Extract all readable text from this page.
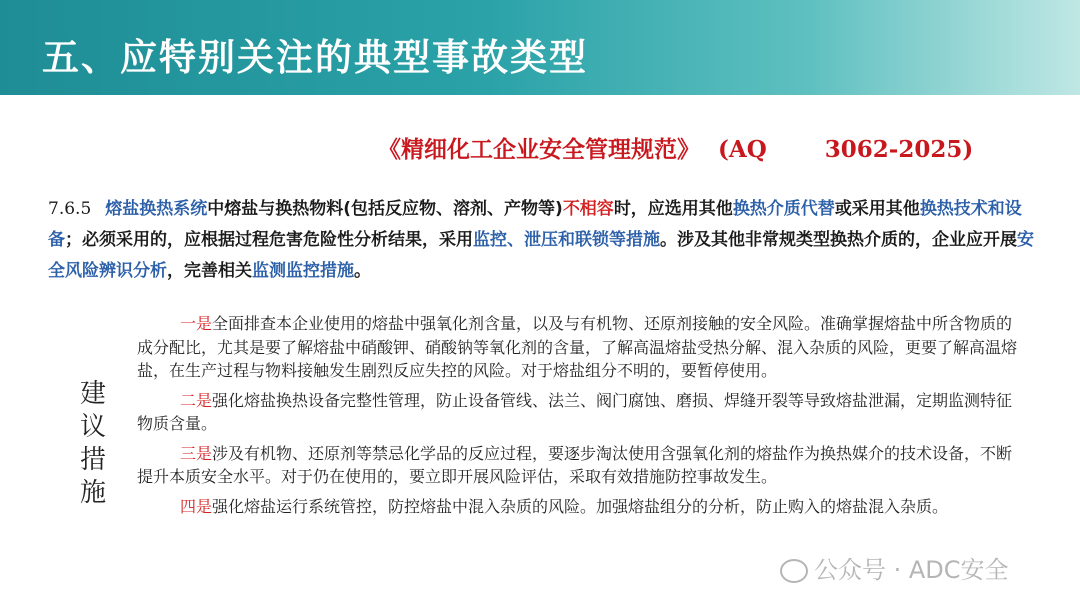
五、应特别关注的典型事故类型
《精细化工企业安全管理规范》 (AQ	3062-2025)
7.6.5 熔盐换热系统中熔盐与换热物料(包括反应物、溶剂、产物等)不相容时，应选用其他换热介质代替或采用其他换热技术和设备；必须采用的，应根据过程危害危险性分析结果，采用监控、泄压和联锁等措施。涉及其他非常规类型换热介质的，企业应开展安全风险辨识分析，完善相关监测监控措施。
建
议
措
施

一是全面排查本企业使用的熔盐中强氧化剂含量，以及与有机物、还原剂接触的安全风险。准确掌握熔盐中所含物质的成分配比，尤其是要了解熔盐中硝酸钾、硝酸钠等氧化剂的含量，了解高温熔盐受热分解、混入杂质的风险，更要了解高温熔盐，在生产过程与物料接触发生剧烈反应失控的风险。对于熔盐组分不明的，要暂停使用。

二是强化熔盐换热设备完整性管理，防止设备管线、法兰、阀门腐蚀、磨损、焊缝开裂等导致熔盐泄漏，定期监测特征物质含量。

三是涉及有机物、还原剂等禁忌化学品的反应过程，要逐步淘汰使用含强氧化剂的熔盐作为换热媒介的技术设备，不断提升本质安全水平。对于仍在使用的，要立即开展风险评估，采取有效措施防控事故发生。

四是强化熔盐运行系统管控，防控熔盐中混入杂质的风险。加强熔盐组分的分析，防止购入的熔盐混入杂质。

公众号 · ADC安全
